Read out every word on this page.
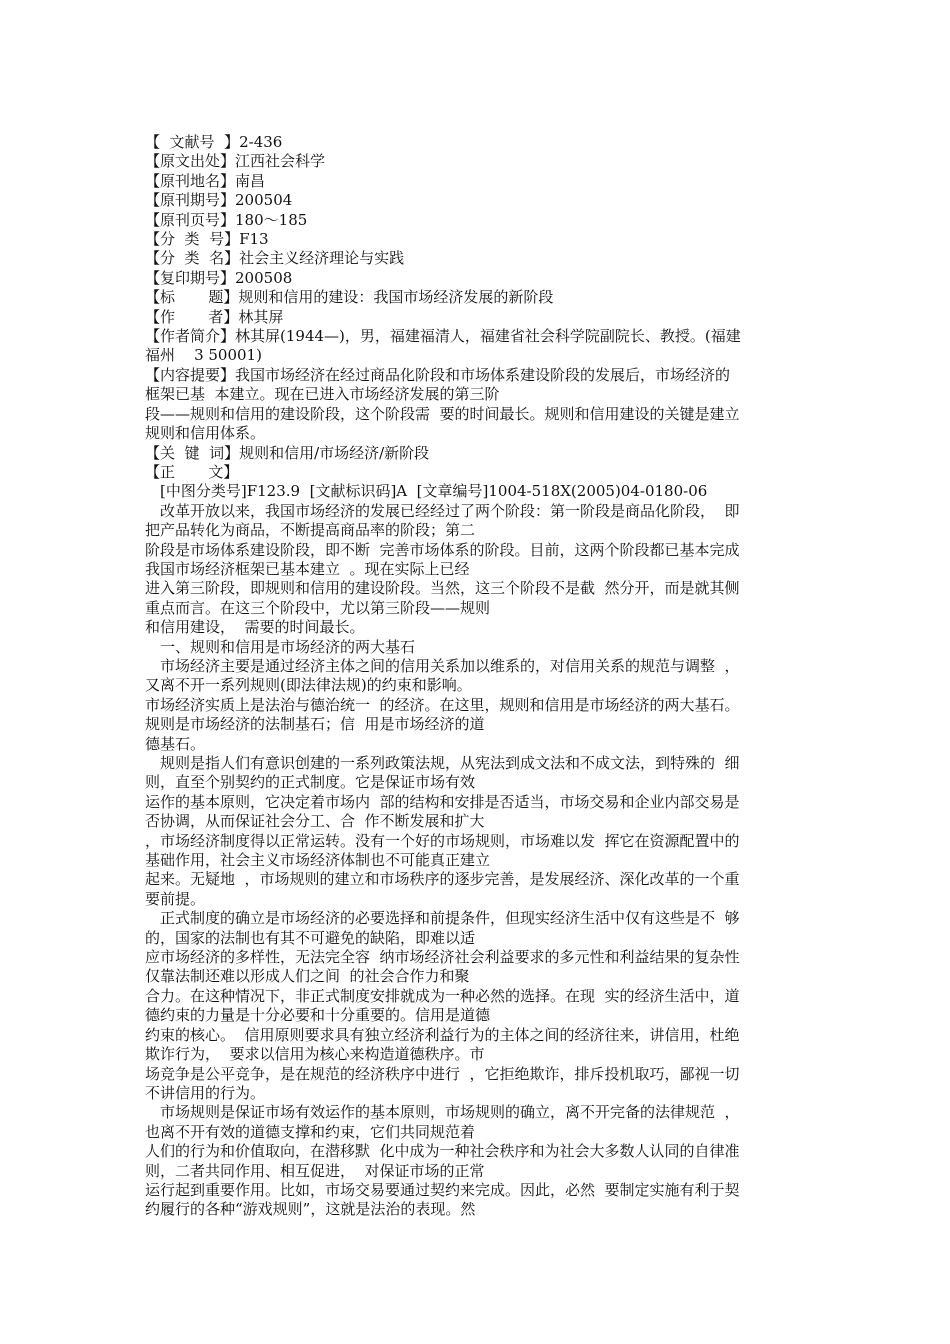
【  文献号  】2-436
【原文出处】江西社会科学
【原刊地名】南昌
【原刊期号】200504
【原刊页号】180～185
【分  类  号】F13
【分  类  名】社会主义经济理论与实践
【复印期号】200508
【标       题】规则和信用的建设：我国市场经济发展的新阶段
【作       者】林其屏
【作者简介】林其屏(1944—)，男，福建福清人，福建省社会科学院副院长、教授。(福建
福州    3 50001)
【内容提要】我国市场经济在经过商品化阶段和市场体系建设阶段的发展后，市场经济的
框架已基  本建立。现在已进入市场经济发展的第三阶
段——规则和信用的建设阶段，这个阶段需  要的时间最长。规则和信用建设的关键是建立
规则和信用体系。
【关  键  词】规则和信用/市场经济/新阶段
【正       文】
[中图分类号]F123.9  [文献标识码]A  [文章编号]1004-518X(2005)04-0180-06
改革开放以来，我国市场经济的发展已经经过了两个阶段：第一阶段是商品化阶段，  即
把产品转化为商品，不断提高商品率的阶段；第二
阶段是市场体系建设阶段，即不断  完善市场体系的阶段。目前，这两个阶段都已基本完成
我国市场经济框架已基本建立  。现在实际上已经
进入第三阶段，即规则和信用的建设阶段。当然，这三个阶段不是截  然分开，而是就其侧
重点而言。在这三个阶段中，尤以第三阶段——规则
和信用建设，  需要的时间最长。
一、规则和信用是市场经济的两大基石
市场经济主要是通过经济主体之间的信用关系加以维系的，对信用关系的规范与调整  ，
又离不开一系列规则(即法律法规)的约束和影响。
市场经济实质上是法治与德治统一  的经济。在这里，规则和信用是市场经济的两大基石。
规则是市场经济的法制基石；信  用是市场经济的道
德基石。
规则是指人们有意识创建的一系列政策法规，从宪法到成文法和不成文法，到特殊的  细
则，直至个别契约的正式制度。它是保证市场有效
运作的基本原则，它决定着市场内  部的结构和安排是否适当，市场交易和企业内部交易是
否协调，从而保证社会分工、合  作不断发展和扩大
，市场经济制度得以正常运转。没有一个好的市场规则，市场难以发  挥它在资源配置中的
基础作用，社会主义市场经济体制也不可能真正建立
起来。无疑地  ，市场规则的建立和市场秩序的逐步完善，是发展经济、深化改革的一个重
要前提。
正式制度的确立是市场经济的必要选择和前提条件，但现实经济生活中仅有这些是不  够
的，国家的法制也有其不可避免的缺陷，即难以适
应市场经济的多样性，无法完全容  纳市场经济社会利益要求的多元性和利益结果的复杂性
仅靠法制还难以形成人们之间  的社会合作力和聚
合力。在这种情况下，非正式制度安排就成为一种必然的选择。在现  实的经济生活中，道
德约束的力量是十分必要和十分重要的。信用是道德
约束的核心。  信用原则要求具有独立经济利益行为的主体之间的经济往来，讲信用，杜绝
欺诈行为，  要求以信用为核心来构造道德秩序。市
场竞争是公平竞争，是在规范的经济秩序中进行  ，它拒绝欺诈，排斥投机取巧，鄙视一切
不讲信用的行为。
市场规则是保证市场有效运作的基本原则，市场规则的确立，离不开完备的法律规范  ，
也离不开有效的道德支撑和约束，它们共同规范着
人们的行为和价值取向，在潜移默  化中成为一种社会秩序和为社会大多数人认同的自律准
则，二者共同作用、相互促进，  对保证市场的正常
运行起到重要作用。比如，市场交易要通过契约来完成。因此，必然  要制定实施有利于契
约履行的各种“游戏规则”，这就是法治的表现。然
